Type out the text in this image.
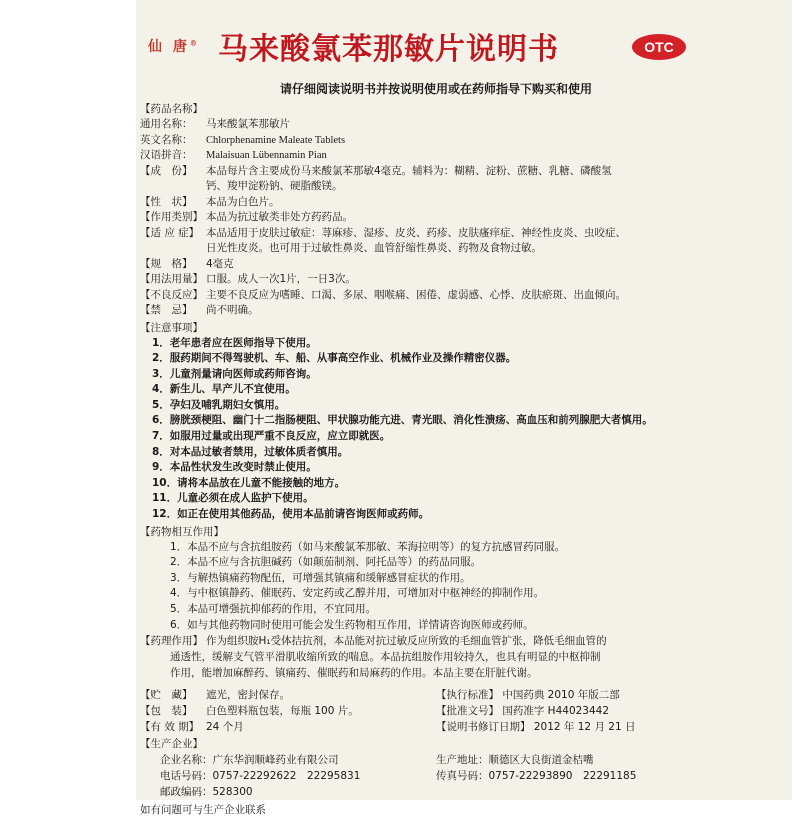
仙 唐® 马来酸氯苯那敏片说明书	OTC
请仔细阅读说明书并按说明使用或在药师指导下购买和使用
【药品名称】
通用名称： 马来酸氯苯那敏片
英文名称： Chlorphenamine Maleate Tablets
汉语拼音： Malaisuan Lübennamin Pian
【成　份】 本品每片含主要成份马来酸氯苯那敏4毫克。辅料为：糊精、淀粉、蔗糖、乳糖、磷酸氢
钙、羧甲淀粉钠、硬脂酸镁。
【性　状】 本品为白色片。
【作用类别】 本品为抗过敏类非处方药药品。
【适 应 症】 本品适用于皮肤过敏症：荨麻疹、湿疹、皮炎、药疹、皮肤瘙痒症、神经性皮炎、虫咬症、
日光性皮炎。也可用于过敏性鼻炎、血管舒缩性鼻炎、药物及食物过敏。
【规　格】 4毫克
【用法用量】 口服。成人一次1片，一日3次。
【不良反应】 主要不良反应为嗜睡、口渴、多尿、咽喉痛、困倦、虚弱感、心悸、皮肤瘀斑、出血倾向。
【禁　忌】 尚不明确。
【注意事项】
1．老年患者应在医师指导下使用。
2．服药期间不得驾驶机、车、船、从事高空作业、机械作业及操作精密仪器。
3．儿童剂量请向医师或药师咨询。
4．新生儿、早产儿不宜使用。
5．孕妇及哺乳期妇女慎用。
6．膀胱颈梗阻、幽门十二指肠梗阻、甲状腺功能亢进、青光眼、消化性溃疡、高血压和前列腺肥大者慎用。
7．如服用过量或出现严重不良反应，应立即就医。
8．对本品过敏者禁用，过敏体质者慎用。
9．本品性状发生改变时禁止使用。
10．请将本品放在儿童不能接触的地方。
11．儿童必须在成人监护下使用。
12．如正在使用其他药品，使用本品前请咨询医师或药师。
【药物相互作用】
1．本品不应与含抗组胺药（如马来酸氯苯那敏、苯海拉明等）的复方抗感冒药同服。
2．本品不应与含抗胆碱药（如颠茄制剂、阿托品等）的药品同服。
3．与解热镇痛药物配伍，可增强其镇痛和缓解感冒症状的作用。
4．与中枢镇静药、催眠药、安定药或乙醇并用，可增加对中枢神经的抑制作用。
5．本品可增强抗抑郁药的作用，不宜同用。
6．如与其他药物同时使用可能会发生药物相互作用，详情请咨询医师或药师。
【药理作用】 作为组织胺H₁受体拮抗剂，本品能对抗过敏反应所致的毛细血管扩张，降低毛细血管的
通透性，缓解支气管平滑肌收缩所致的喘息。本品抗组胺作用较持久，也具有明显的中枢抑制
作用，能增加麻醉药、镇痛药、催眠药和局麻药的作用。本品主要在肝脏代谢。
【贮　藏】 遮光，密封保存。	【执行标准】 中国药典 2010 年版二部
【包　装】 白色塑料瓶包装，每瓶 100 片。	【批准文号】 国药准字 H44023442
【有 效 期】 24 个月	【说明书修订日期】 2012 年 12 月 21 日
【生产企业】
企业名称：广东华润顺峰药业有限公司	生产地址：顺德区大良街道金桔嘴
电话号码：0757-22292622　22295831	传真号码：0757-22293890　22291185
邮政编码：528300
如有问题可与生产企业联系
